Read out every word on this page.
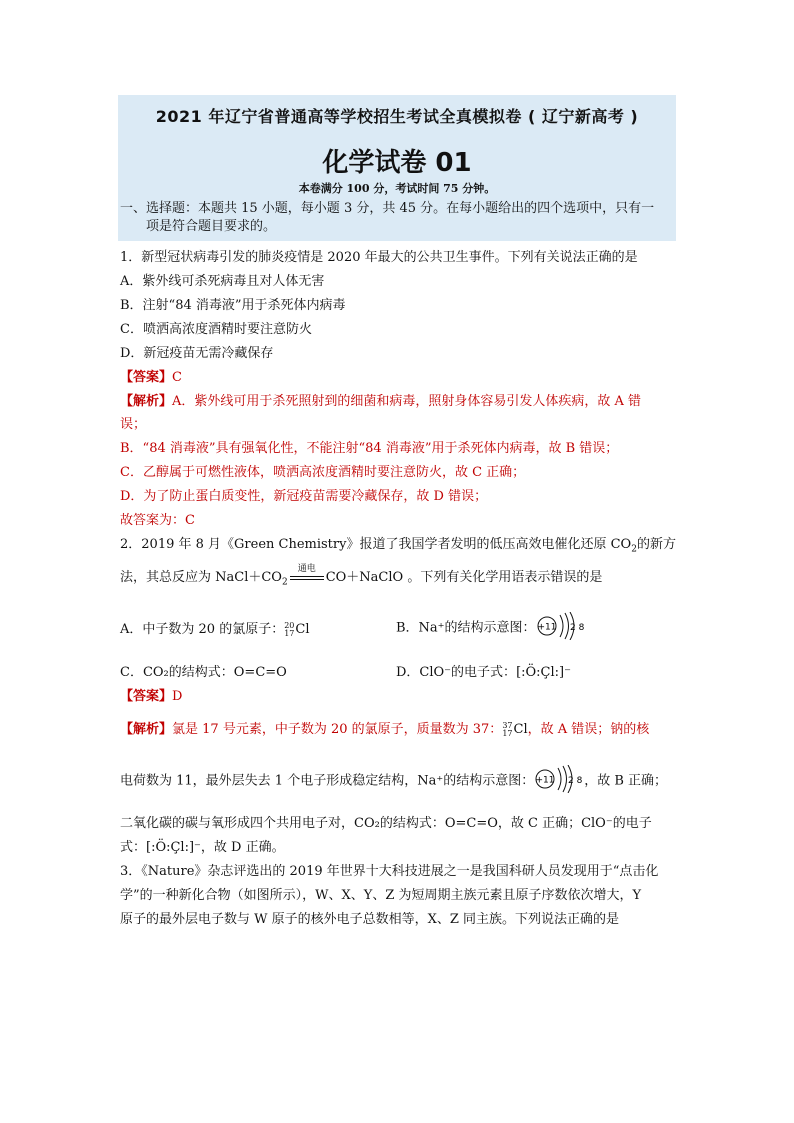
2021 年辽宁省普通高等学校招生考试全真模拟卷 ( 辽宁新高考 )
化学试卷 01
本卷满分 100 分，考试时间 75 分钟。
一、选择题：本题共 15 小题，每小题 3 分，共 45 分。在每小题给出的四个选项中，只有一
项是符合题目要求的。
1．新型冠状病毒引发的肺炎疫情是 2020 年最大的公共卫生事件。下列有关说法正确的是
A．紫外线可杀死病毒且对人体无害
B．注射“84 消毒液”用于杀死体内病毒
C．喷洒高浓度酒精时要注意防火
D．新冠疫苗无需冷藏保存
【答案】C
【解析】A．紫外线可用于杀死照射到的细菌和病毒，照射身体容易引发人体疾病，故 A 错
误；
B．“84 消毒液”具有强氧化性，不能注射“84 消毒液”用于杀死体内病毒，故 B 错误；
C．乙醇属于可燃性液体，喷洒高浓度酒精时要注意防火，故 C 正确；
D．为了防止蛋白质变性，新冠疫苗需要冷藏保存，故 D 错误；
故答案为：C
2．2019 年 8 月《Green Chemistry》报道了我国学者发明的低压高效电催化还原 $CO_2$的新方
法，其总反应为 $NaCl+CO_2$
通电
CO＋NaClO 。下列有关化学用语表示错误的是
A．中子数为 20 的氯原子： 20
17 Cl	B．Na⁺的结构示意图： +11 2 8
C．CO₂的结构式：O=C=O	D．ClO⁻的电子式：[:Ö:Çl:]⁻
【答案】D
【解析】氯是 17 号元素，中子数为 20 的氯原子，质量数为 37： 37
17 Cl，故 A 错误；钠的核
电荷数为 11，最外层失去 1 个电子形成稳定结构，Na⁺的结构示意图： +11 2 8 ，故 B 正确；
二氧化碳的碳与氧形成四个共用电子对，CO₂的结构式：O=C=O，故 C 正确；ClO⁻的电子
式：[:Ö:Çl:]⁻，故 D 正确。
3．《Nature》杂志评选出的 2019 年世界十大科技进展之一是我国科研人员发现用于“点击化
学”的一种新化合物（如图所示），W、X、Y、Z 为短周期主族元素且原子序数依次增大，Y
原子的最外层电子数与 W 原子的核外电子总数相等，X、Z 同主族。下列说法正确的是
